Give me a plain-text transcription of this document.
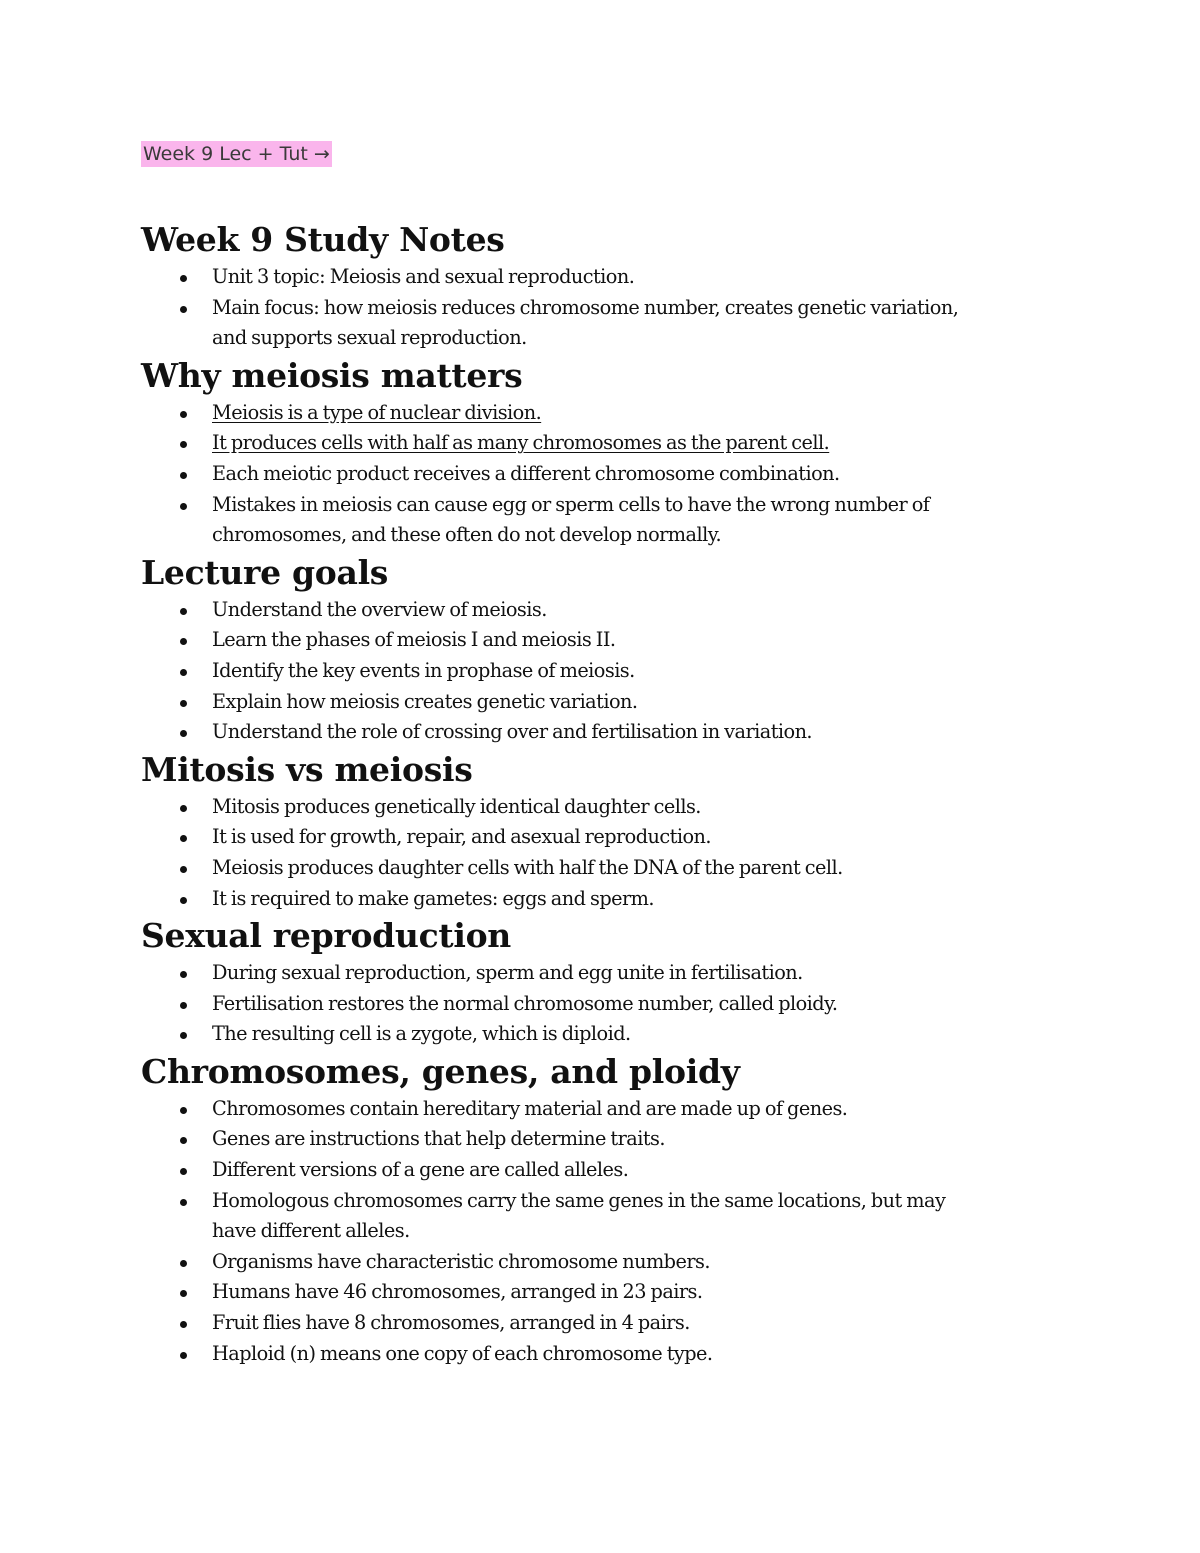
Week 9 Lec + Tut →
Week 9 Study Notes
Unit 3 topic: Meiosis and sexual reproduction.
Main focus: how meiosis reduces chromosome number, creates genetic variation,
and supports sexual reproduction.
Why meiosis matters
Meiosis is a type of nuclear division.
It produces cells with half as many chromosomes as the parent cell.
Each meiotic product receives a different chromosome combination.
Mistakes in meiosis can cause egg or sperm cells to have the wrong number of
chromosomes, and these often do not develop normally.
Lecture goals
Understand the overview of meiosis.
Learn the phases of meiosis I and meiosis II.
Identify the key events in prophase of meiosis.
Explain how meiosis creates genetic variation.
Understand the role of crossing over and fertilisation in variation.
Mitosis vs meiosis
Mitosis produces genetically identical daughter cells.
It is used for growth, repair, and asexual reproduction.
Meiosis produces daughter cells with half the DNA of the parent cell.
It is required to make gametes: eggs and sperm.
Sexual reproduction
During sexual reproduction, sperm and egg unite in fertilisation.
Fertilisation restores the normal chromosome number, called ploidy.
The resulting cell is a zygote, which is diploid.
Chromosomes, genes, and ploidy
Chromosomes contain hereditary material and are made up of genes.
Genes are instructions that help determine traits.
Different versions of a gene are called alleles.
Homologous chromosomes carry the same genes in the same locations, but may
have different alleles.
Organisms have characteristic chromosome numbers.
Humans have 46 chromosomes, arranged in 23 pairs.
Fruit flies have 8 chromosomes, arranged in 4 pairs.
Haploid (n) means one copy of each chromosome type.
